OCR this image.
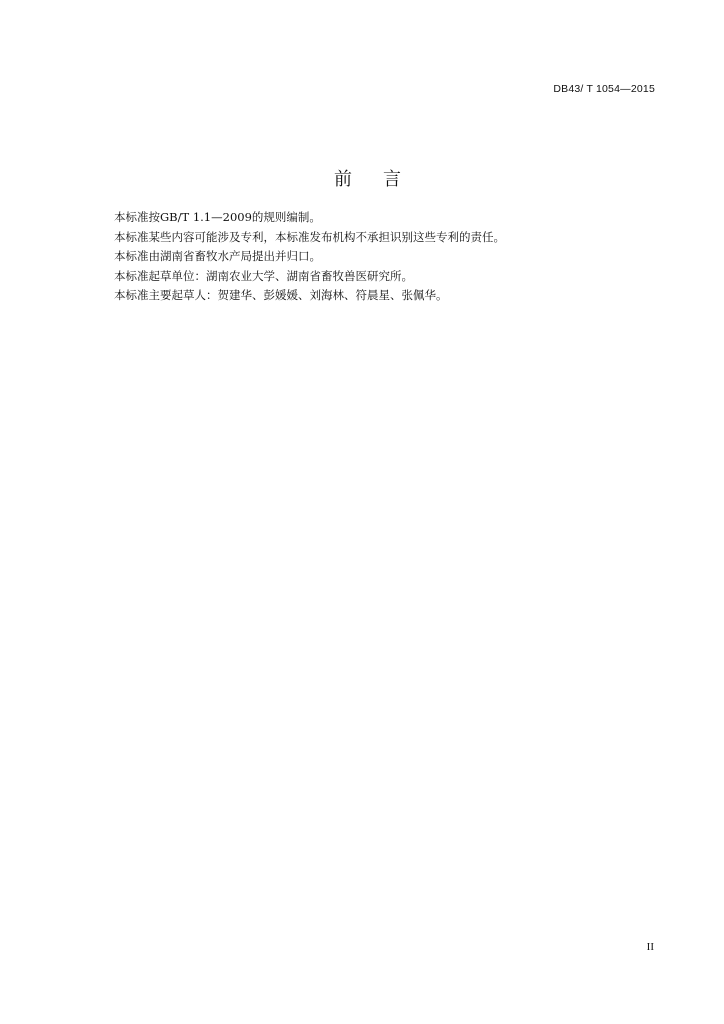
DB43/ T 1054—2015
前 言
本标准按GB/T 1.1—2009的规则编制。
本标准某些内容可能涉及专利，本标准发布机构不承担识别这些专利的责任。
本标准由湖南省畜牧水产局提出并归口。
本标准起草单位：湖南农业大学、湖南省畜牧兽医研究所。
本标准主要起草人：贺建华、彭媛媛、刘海林、符晨星、张佩华。
II
